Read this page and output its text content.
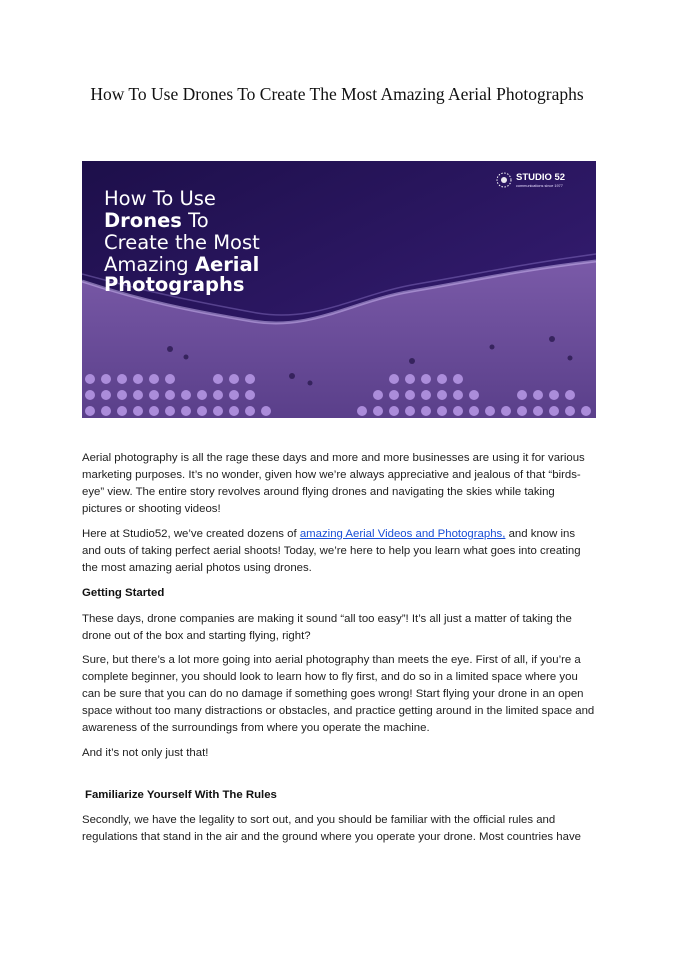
How To Use Drones To Create The Most Amazing Aerial Photographs
STUDIO 52
communications since 1977
How To Use
Drones To
Create the Most
Amazing Aerial
Photographs

Aerial photography is all the rage these days and more and more businesses are using it for various marketing purposes. It’s no wonder, given how we’re always appreciative and jealous of that “birds-eye” view. The entire story revolves around flying drones and navigating the skies while taking pictures or shooting videos!

Here at Studio52, we’ve created dozens of amazing Aerial Videos and Photographs, and know ins and outs of taking perfect aerial shoots! Today, we’re here to help you learn what goes into creating the most amazing aerial photos using drones.

Getting Started

These days, drone companies are making it sound “all too easy”! It’s all just a matter of taking the drone out of the box and starting flying, right?

Sure, but there’s a lot more going into aerial photography than meets the eye. First of all, if you’re a complete beginner, you should look to learn how to fly first, and do so in a limited space where you can be sure that you can do no damage if something goes wrong! Start flying your drone in an open space without too many distractions or obstacles, and practice getting around in the limited space and awareness of the surroundings from where you operate the machine.

And it’s not only just that!

Familiarize Yourself With The Rules

Secondly, we have the legality to sort out, and you should be familiar with the official rules and regulations that stand in the air and the ground where you operate your drone. Most countries have
